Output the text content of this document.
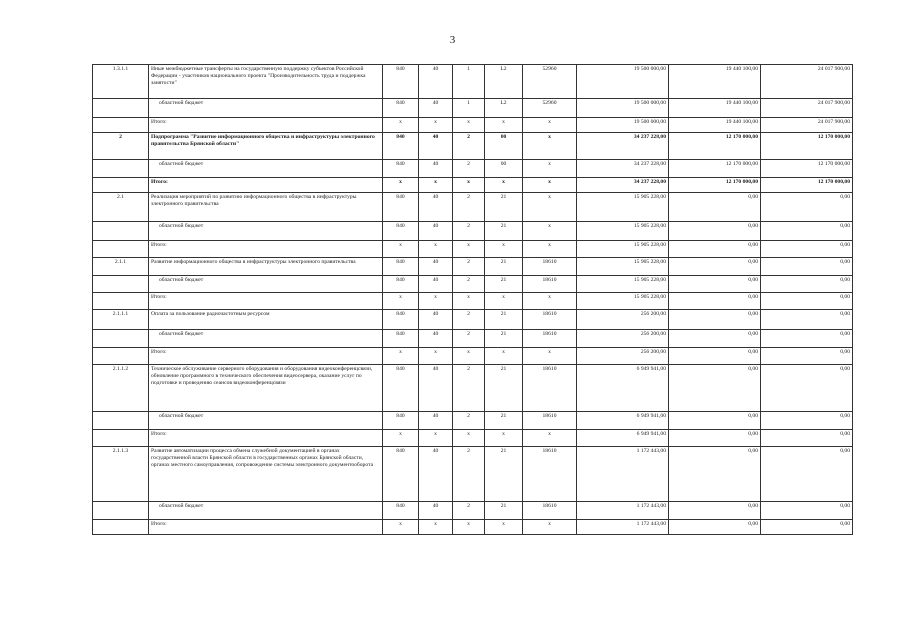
3
1.3.1.1	Иные межбюджетные трансферты на государственную поддержку субъектов Российской Федерации - участников национального проекта "Производительность труда и поддержка занятости"	840	40	1	L2	52960	19 500 000,00	19 440 100,00	24 017 900,00
	областной бюджет	840	40	1	L2	52960	19 500 000,00	19 440 100,00	24 017 900,00
	Итого:	x	x	x	x	x	19 500 000,00	19 440 100,00	24 017 900,00
2	Подпрограмма "Развитие информационного общества и инфраструктуры электронного правительства Брянской области"	840	40	2	00	x	34 237 228,00	12 170 000,00	12 170 000,00
	областной бюджет	840	40	2	00	x	34 237 228,00	12 170 000,00	12 170 000,00
	Итого:	x	x	x	x	x	34 237 228,00	12 170 000,00	12 170 000,00
2.1	Реализация мероприятий по развитию информационного общества в инфраструктуры электронного правительства	840	40	2	21	x	15 905 228,00	0,00	0,00
	областной бюджет	840	40	2	21	x	15 905 228,00	0,00	0,00
	Итого:	x	x	x	x	x	15 905 228,00	0,00	0,00
2.1.1	Развитие информационного общества в инфраструктуры электронного правительства	840	40	2	21	18610	15 905 228,00	0,00	0,00
	областной бюджет	840	40	2	21	18610	15 905 228,00	0,00	0,00
	Итого:	x	x	x	x	x	15 905 228,00	0,00	0,00
2.1.1.1	Оплата за пользование радиочастотным ресурсом	840	40	2	21	18610	256 200,00	0,00	0,00
	областной бюджет	840	40	2	21	18610	256 200,00	0,00	0,00
	Итого:	x	x	x	x	x	256 200,00	0,00	0,00
2.1.1.2	Техническое обслуживание серверного оборудования и оборудования видеоконференцсвязи, обновление программного в технического обеспечения видеосервера, оказание услуг по подготовке и проведению сеансов видеоконференцсвязи	840	40	2	21	18610	6 949 941,00	0,00	0,00
	областной бюджет	840	40	2	21	18610	6 949 941,00	0,00	0,00
	Итого:	x	x	x	x	x	6 949 941,00	0,00	0,00
2.1.1.3	Развитие автоматизации процесса обмена служебной документацией в органах государственной власти Брянской области в государственных органах Брянской области, органах местного самоуправления, сопровождение системы электронного документооборота	840	40	2	21	18610	1 172 443,00	0,00	0,00
	областной бюджет	840	40	2	21	18610	1 172 443,00	0,00	0,00
	Итого:	x	x	x	x	x	1 172 443,00	0,00	0,00
